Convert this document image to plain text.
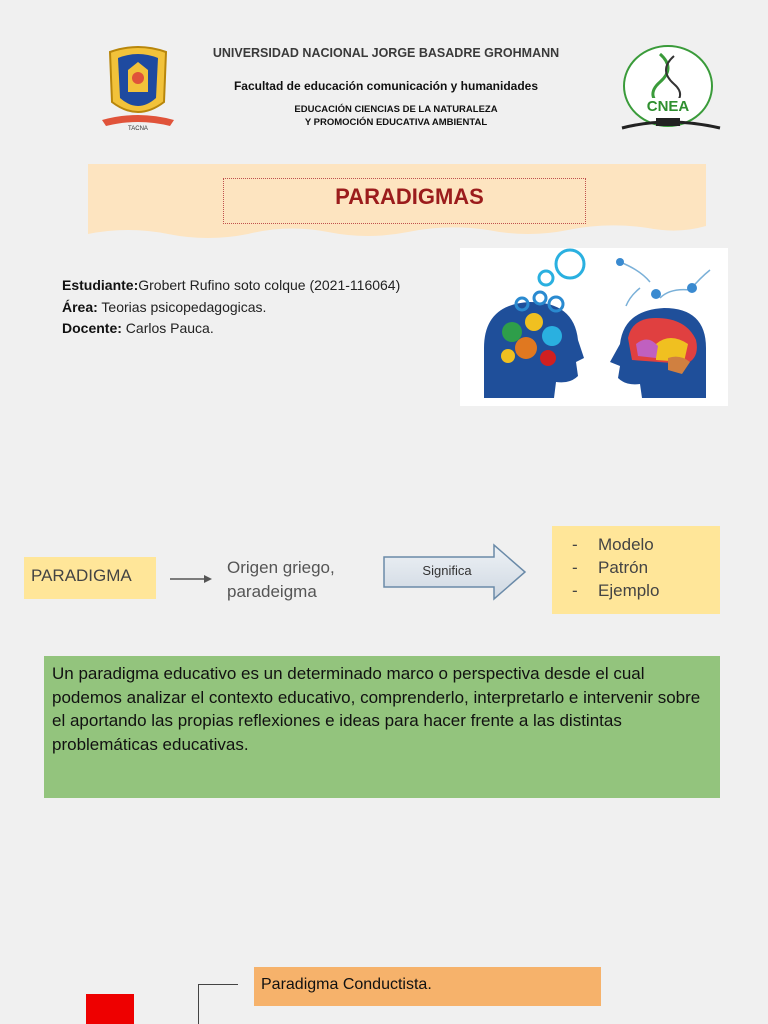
TACNA
CNEA
UNIVERSIDAD NACIONAL JORGE BASADRE GROHMANN
Facultad de educación comunicación y humanidades
EDUCACIÓN CIENCIAS DE LA NATURALEZA
Y PROMOCIÓN EDUCATIVA AMBIENTAL
PARADIGMAS
Estudiante:Grobert Rufino soto colque (2021-116064)
Área: Teorias psicopedagogicas.
Docente: Carlos Pauca.
PARADIGMA	Origen griego,
paradeigma
Significa
- Modelo
- Patrón
- Ejemplo
Un paradigma educativo es un determinado marco o perspectiva desde el cual podemos analizar el contexto educativo, comprenderlo, interpretarlo e intervenir sobre el aportando las propias reflexiones e ideas para hacer frente a las distintas problemáticas educativas.
Paradigma Conductista.
